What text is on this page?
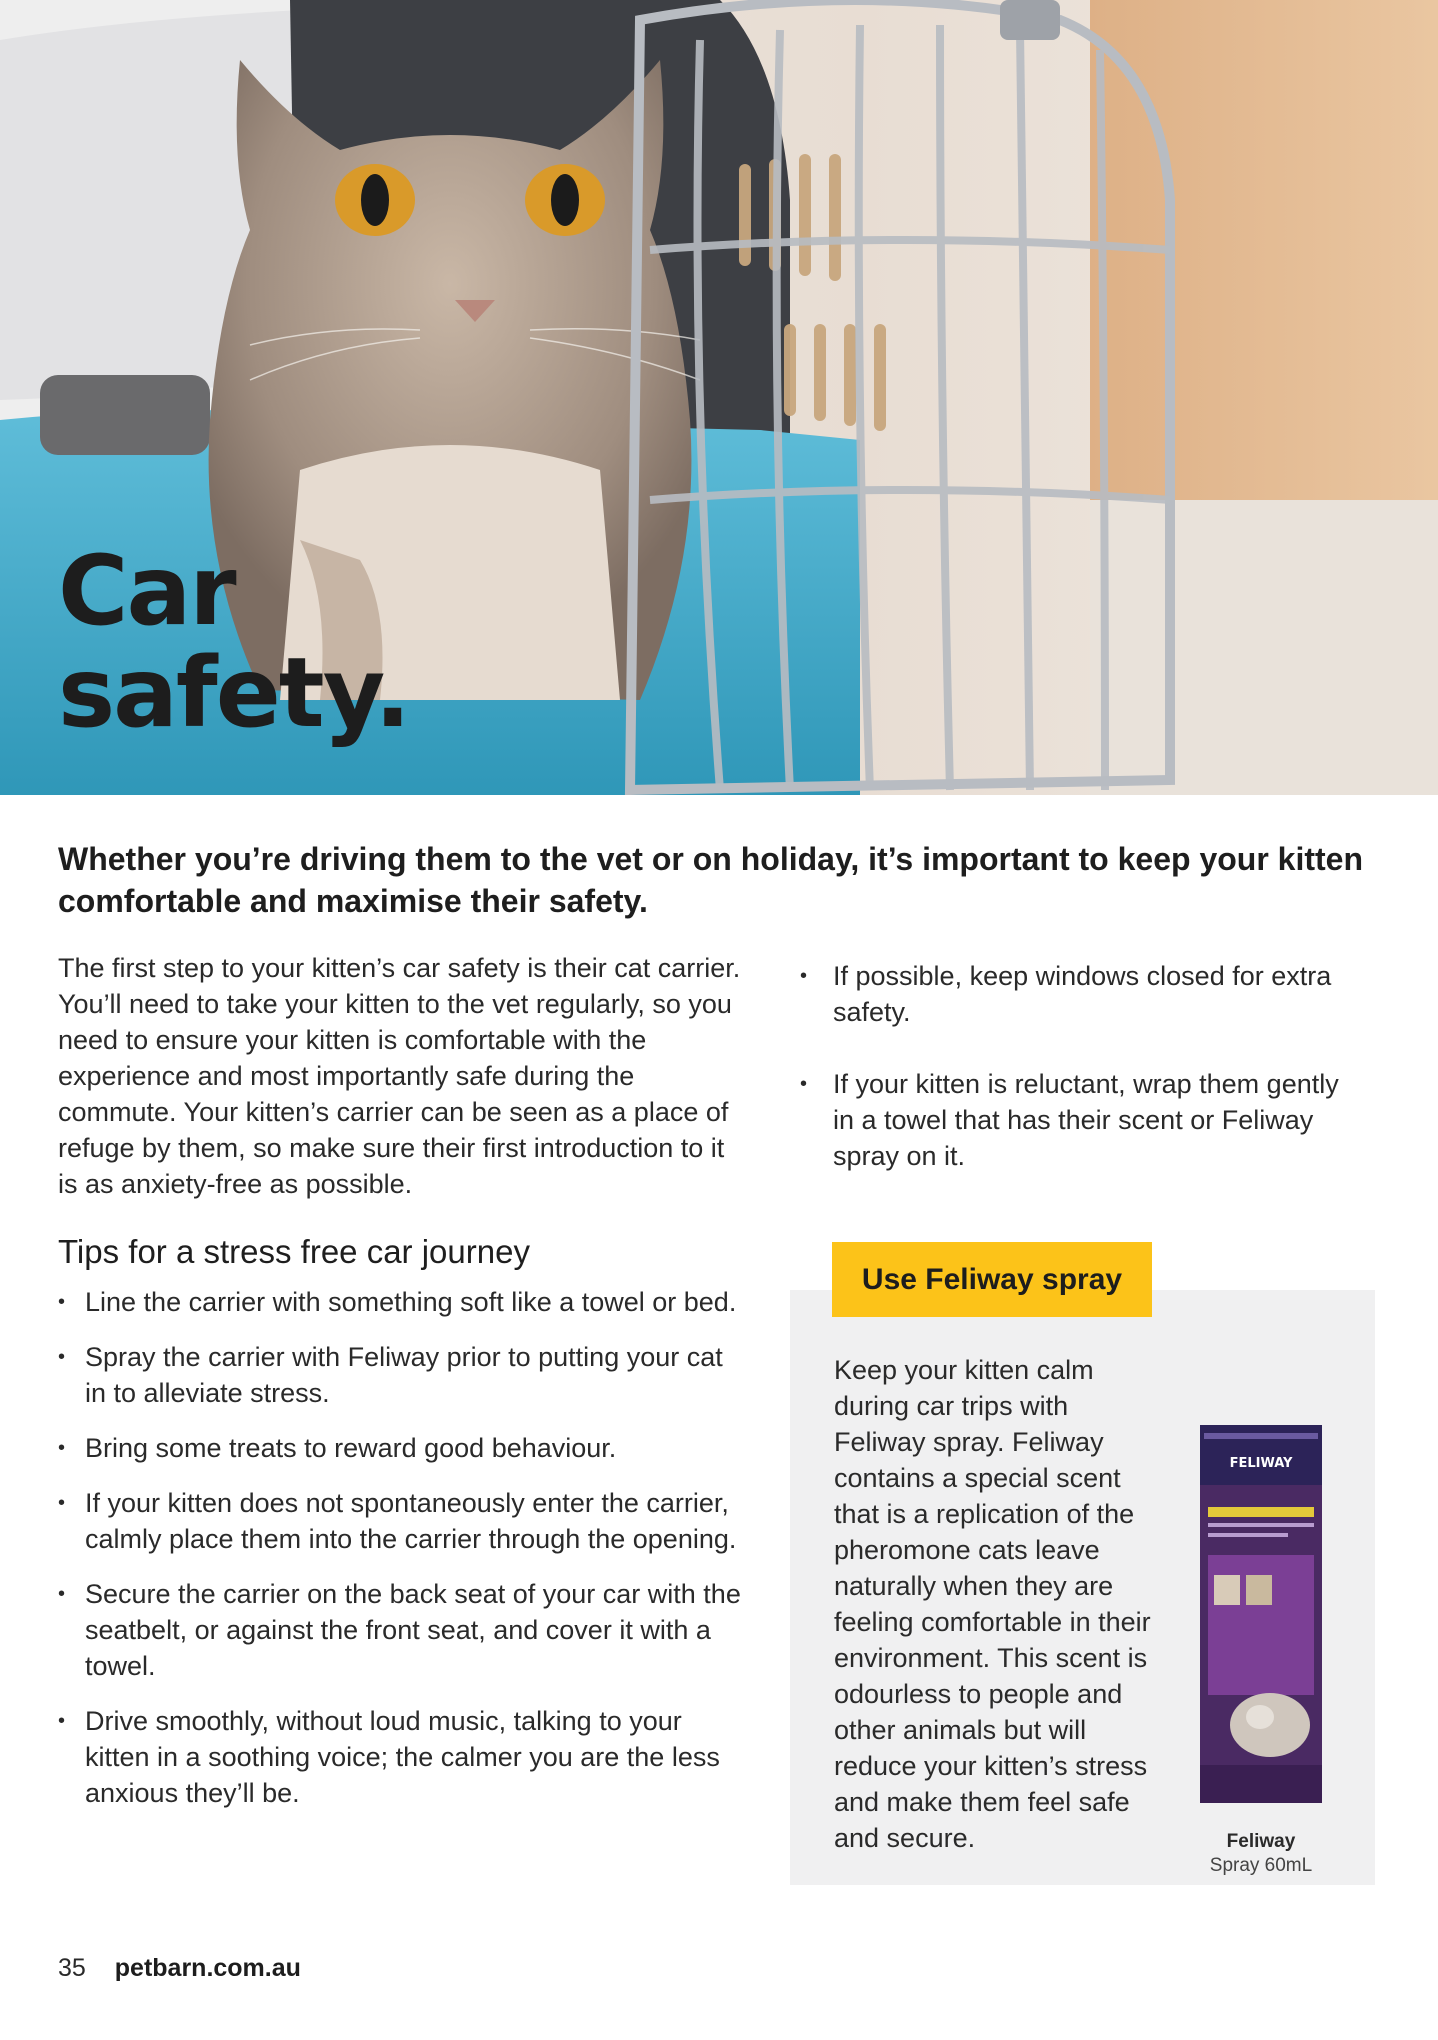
Car
safety.

Whether you’re driving them to the vet or on holiday, it’s important to keep your kitten comfortable and maximise their safety.

The first step to your kitten’s car safety is their cat carrier. You’ll need to take your kitten to the vet regularly, so you need to ensure your kitten is comfortable with the experience and most importantly safe during the commute. Your kitten’s carrier can be seen as a place of refuge by them, so make sure their first introduction to it is as anxiety-free as possible.

Tips for a stress free car journey
• Line the carrier with something soft like a towel or bed.
• Spray the carrier with Feliway prior to putting your cat in to alleviate stress.
• Bring some treats to reward good behaviour.
• If your kitten does not spontaneously enter the carrier, calmly place them into the carrier through the opening.
• Secure the carrier on the back seat of your car with the seatbelt, or against the front seat, and cover it with a towel.
• Drive smoothly, without loud music, talking to your kitten in a soothing voice; the calmer you are the less anxious they’ll be.
• If possible, keep windows closed for extra safety.
• If your kitten is reluctant, wrap them gently in a towel that has their scent or Feliway spray on it.
Use Feliway spray

Keep your kitten calm during car trips with Feliway spray. Feliway contains a special scent that is a replication of the pheromone cats leave naturally when they are feeling comfortable in their environment. This scent is odourless to people and other animals but will reduce your kitten’s stress and make them feel safe and secure.

FELIWAY
Feliway
Spray 60mL
35 petbarn.com.au
